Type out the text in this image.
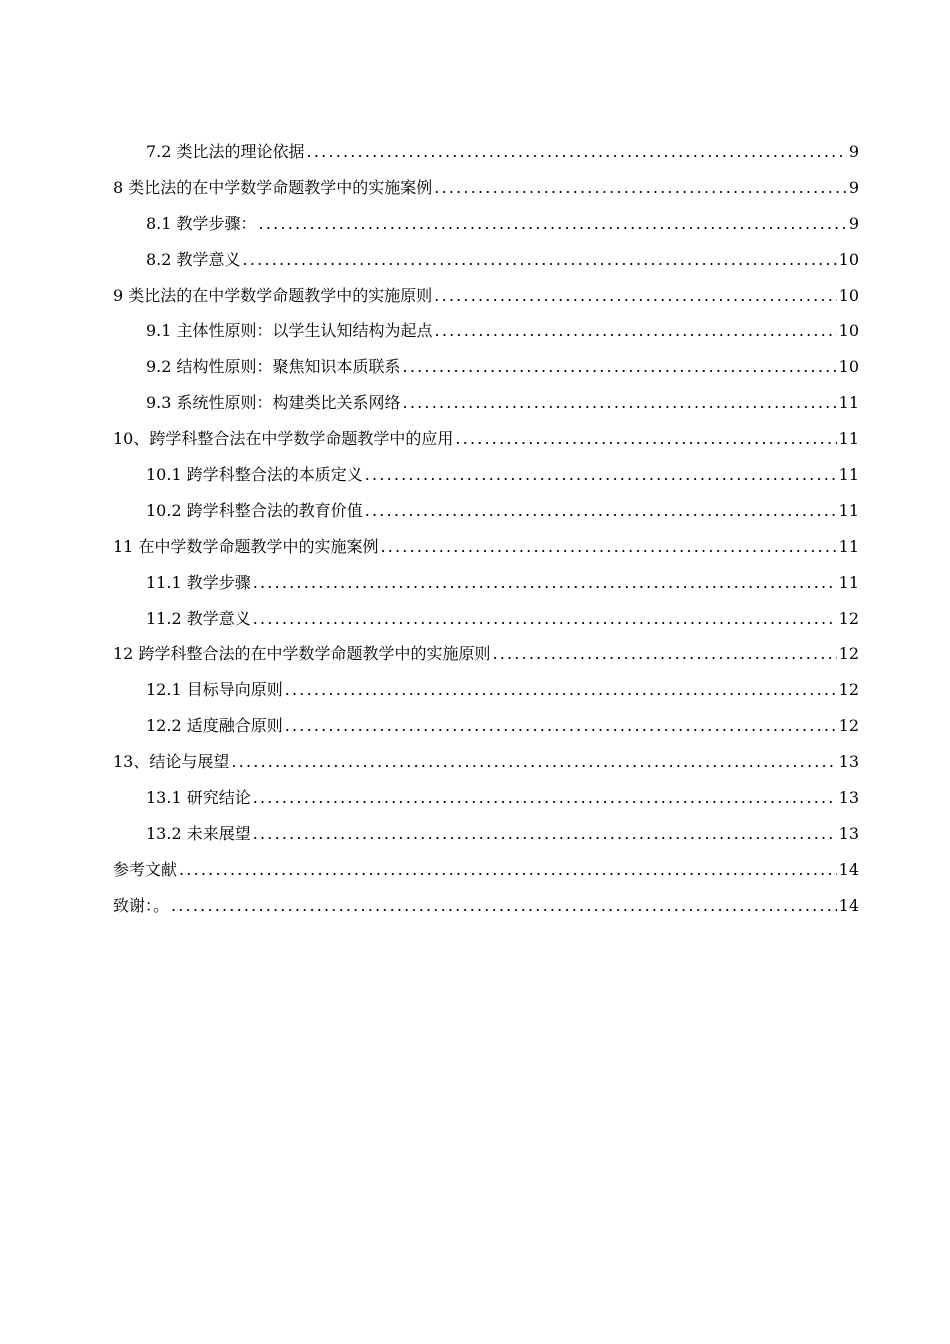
7.2 类比法的理论依据 .....	9
8 类比法的在中学数学命题教学中的实施案例 .....	9
8.1 教学步骤： .....	9
8.2 教学意义 .....	10
9 类比法的在中学数学命题教学中的实施原则 .....	10
9.1 主体性原则：以学生认知结构为起点 .....	10
9.2 结构性原则：聚焦知识本质联系 .....	10
9.3 系统性原则：构建类比关系网络 .....	11
10、跨学科整合法在中学数学命题教学中的应用 .....	11
10.1 跨学科整合法的本质定义 .....	11
10.2 跨学科整合法的教育价值 .....	11
11 在中学数学命题教学中的实施案例 .....	11
11.1 教学步骤 .....	11
11.2 教学意义 .....	12
12 跨学科整合法的在中学数学命题教学中的实施原则 .....	12
12.1 目标导向原则 .....	12
12.2 适度融合原则 .....	12
13、结论与展望 .....	13
13.1 研究结论 .....	13
13.2 未来展望 .....	13
参考文献 .....	14
致谢：。 .....	14
